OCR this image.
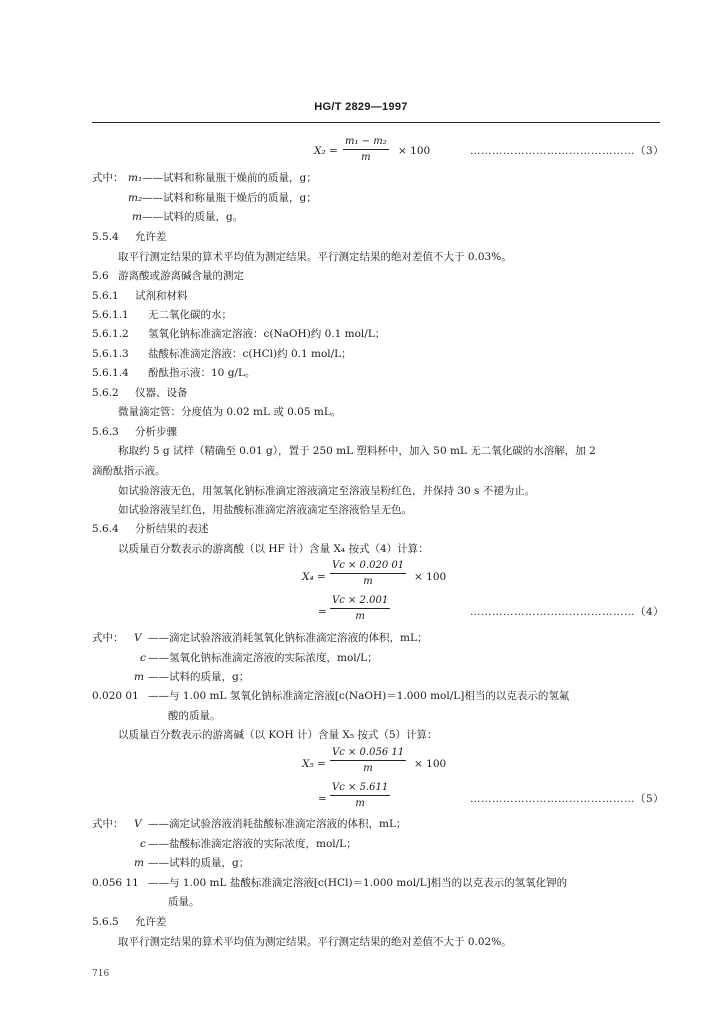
HG/T 2829—1997
$X_2 = \frac{\text{m₁ − m₂}}{m} \times 100$	………………………………………（3）
式中： m₁ ——试料和称量瓶干燥前的质量，g；
m₂ ——试料和称量瓶干燥后的质量，g；
m ——试料的质量，g。
5.5.4 允许差
取平行测定结果的算术平均值为测定结果。平行测定结果的绝对差值不大于 0.03%。
5.6 游离酸或游离碱含量的测定
5.6.1 试剂和材料
5.6.1.1 无二氧化碳的水；
5.6.1.2 氢氧化钠标准滴定溶液：c(NaOH)约 0.1 mol/L；
5.6.1.3 盐酸标准滴定溶液：c(HCl)约 0.1 mol/L；
5.6.1.4 酚酞指示液：10 g/L。
5.6.2 仪器、设备
微量滴定管：分度值为 0.02 mL 或 0.05 mL。
5.6.3 分析步骤
称取约 5 g 试样（精确至 0.01 g），置于 250 mL 塑料杯中，加入 50 mL 无二氧化碳的水溶解，加 2
滴酚酞指示液。
如试验溶液无色，用氢氧化钠标准滴定溶液滴定至溶液呈粉红色，并保持 30 s 不褪为止。
如试验溶液呈红色，用盐酸标准滴定溶液滴定至溶液恰呈无色。
5.6.4 分析结果的表述
以质量百分数表示的游离酸（以 HF 计）含量 X₄ 按式（4）计算：
$X_4 = \frac{Vc \times 0.020 01}{m} \times 100$
= $\frac{Vc \times 2.001}{m}$	………………………………………（4）
式中： V ——滴定试验溶液消耗氢氧化钠标准滴定溶液的体积，mL；
c ——氢氧化钠标准滴定溶液的实际浓度，mol/L；
m ——试料的质量，g；
0.020 01 ——与 1.00 mL 氢氧化钠标准滴定溶液[c(NaOH)＝1.000 mol/L]相当的以克表示的氢氟
酸的质量。
以质量百分数表示的游离碱（以 KOH 计）含量 X₅ 按式（5）计算：
$X_5 = \frac{Vc \times 0.056 11}{m} \times 100$
= $\frac{Vc \times 5.611}{m}$	………………………………………（5）
式中： V ——滴定试验溶液消耗盐酸标准滴定溶液的体积，mL；
c ——盐酸标准滴定溶液的实际浓度，mol/L；
m ——试料的质量，g；
0.056 11 ——与 1.00 mL 盐酸标准滴定溶液[c(HCl)＝1.000 mol/L]相当的以克表示的氢氧化钾的
质量。
5.6.5 允许差
取平行测定结果的算术平均值为测定结果。平行测定结果的绝对差值不大于 0.02%。
716
